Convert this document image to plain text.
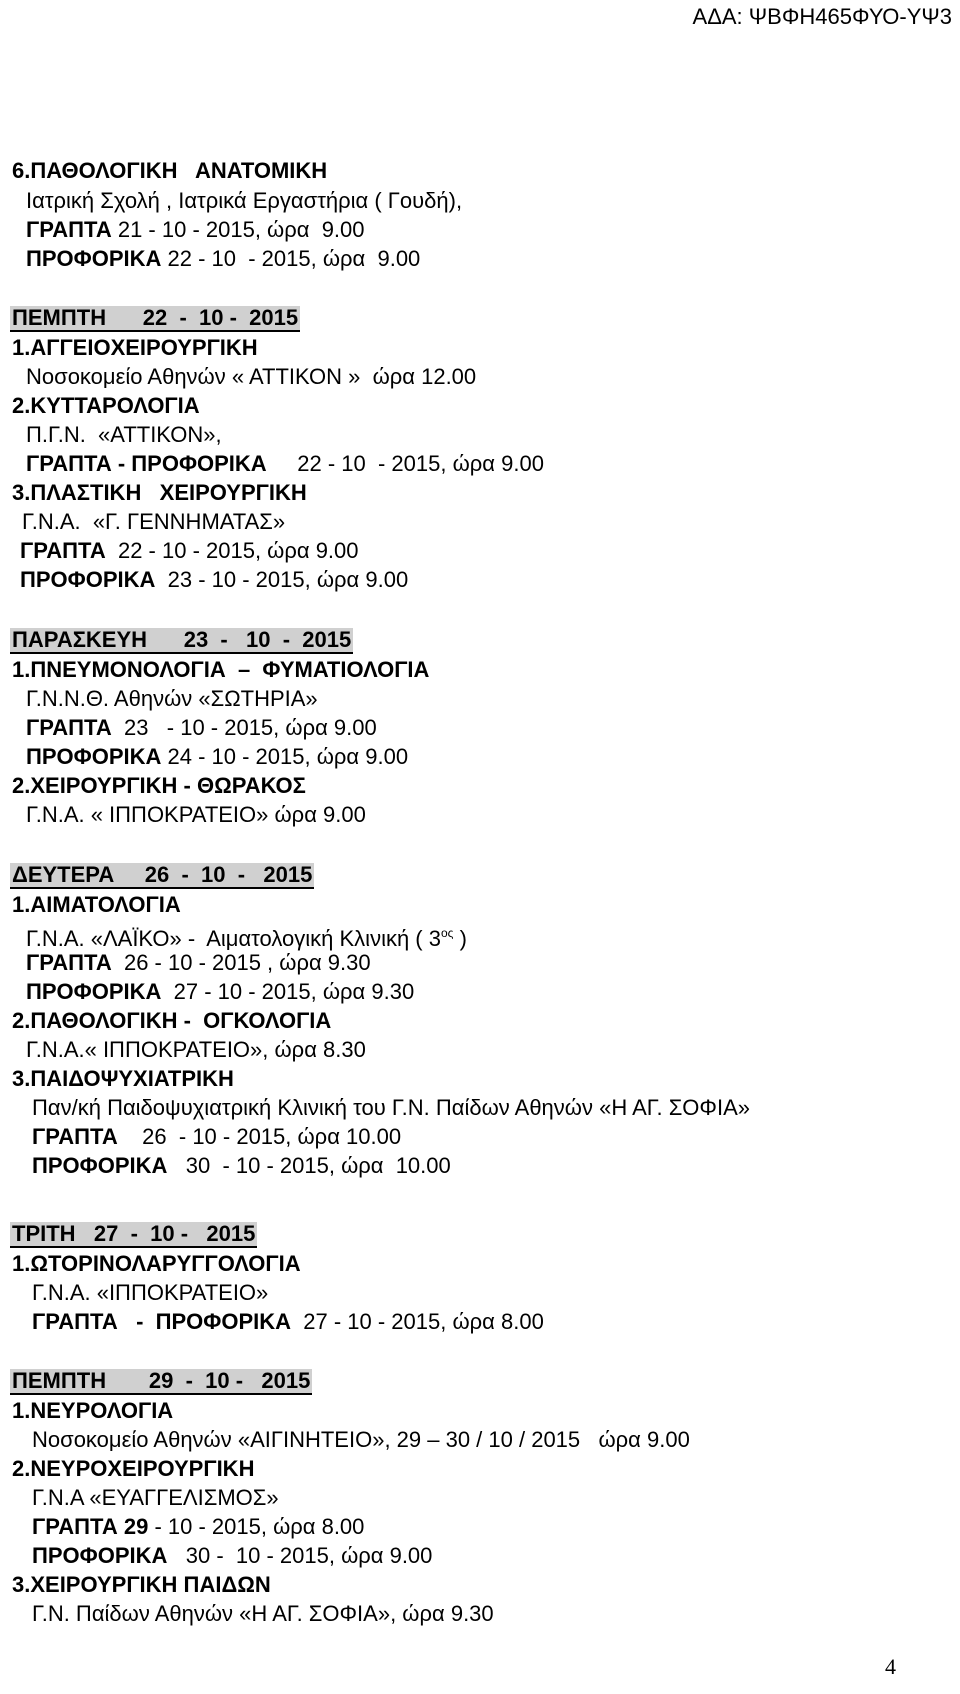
ΑΔΑ: ΨΒΦΗ465ΦΥΟ-ΥΨ3
6.ΠΑΘΟΛΟΓΙΚΗ   ΑΝΑΤΟΜΙΚΗ
Ιατρική Σχολή , Ιατρικά Εργαστήρια ( Γουδή),
ΓΡΑΠΤΑ 21 - 10 - 2015, ώρα  9.00
ΠΡΟΦΟΡΙΚΑ 22 - 10  - 2015, ώρα  9.00
ΠΕΜΠΤΗ      22  -  10 -  2015
1.ΑΓΓΕΙΟΧΕΙΡΟΥΡΓΙΚΗ
Νοσοκομείο Αθηνών « ΑΤΤΙΚΟΝ »  ώρα 12.00
2.ΚΥΤΤΑΡΟΛΟΓΙΑ
Π.Γ.Ν.  «ΑΤΤΙΚΟΝ»,
ΓΡΑΠΤΑ - ΠΡΟΦΟΡΙΚΑ     22 - 10  - 2015, ώρα 9.00
3.ΠΛΑΣΤΙΚΗ   ΧΕΙΡΟΥΡΓΙΚΗ
Γ.Ν.Α.  «Γ. ΓΕΝΝΗΜΑΤΑΣ»
ΓΡΑΠΤΑ  22 - 10 - 2015, ώρα 9.00
ΠΡΟΦΟΡΙΚΑ  23 - 10 - 2015, ώρα 9.00
ΠΑΡΑΣΚΕΥΗ      23  -   10  -  2015
1.ΠΝΕΥΜΟΝΟΛΟΓΙΑ  –  ΦΥΜΑΤΙΟΛΟΓΙΑ
Γ.Ν.Ν.Θ. Αθηνών «ΣΩΤΗΡΙΑ»
ΓΡΑΠΤΑ  23   - 10 - 2015, ώρα 9.00
ΠΡΟΦΟΡΙΚΑ 24 - 10 - 2015, ώρα 9.00
2.ΧΕΙΡΟΥΡΓΙΚΗ - ΘΩΡΑΚΟΣ
Γ.Ν.Α. « ΙΠΠΟΚΡΑΤΕΙΟ» ώρα 9.00
ΔΕΥΤΕΡΑ     26  -  10  -   2015
1.ΑΙΜΑΤΟΛΟΓΙΑ
Γ.Ν.Α. «ΛΑΪΚΟ» -  Αιματολογική Κλινική ( $3^{o\varsigma}$ )
ΓΡΑΠΤΑ  26 - 10 - 2015 , ώρα 9.30
ΠΡΟΦΟΡΙΚΑ  27 - 10 - 2015, ώρα 9.30
2.ΠΑΘΟΛΟΓΙΚΗ -  ΟΓΚΟΛΟΓΙΑ
Γ.Ν.Α.« ΙΠΠΟΚΡΑΤΕΙΟ», ώρα 8.30
3.ΠΑΙΔΟΨΥΧΙΑΤΡΙΚΗ
Παν/κή Παιδοψυχιατρική Κλινική του Γ.Ν. Παίδων Αθηνών «Η ΑΓ. ΣΟΦΙΑ»
ΓΡΑΠΤΑ    26  - 10 - 2015, ώρα 10.00
ΠΡΟΦΟΡΙΚΑ   30  - 10 - 2015, ώρα  10.00
ΤΡΙΤΗ   27  -  10 -   2015
1.ΩΤΟΡΙΝΟΛΑΡΥΓΓΟΛΟΓΙΑ
Γ.Ν.Α. «ΙΠΠΟΚΡΑΤΕΙΟ»
ΓΡΑΠΤΑ   -  ΠΡΟΦΟΡΙΚΑ  27 - 10 - 2015, ώρα 8.00
ΠΕΜΠΤΗ       29  -  10 -   2015
1.ΝΕΥΡΟΛΟΓΙΑ
Νοσοκομείο Αθηνών «ΑΙΓΙΝΗΤΕΙΟ», 29 – 30 / 10 / 2015   ώρα 9.00
2.ΝΕΥΡΟΧΕΙΡΟΥΡΓΙΚΗ
Γ.Ν.Α «ΕΥΑΓΓΕΛΙΣΜΟΣ»
ΓΡΑΠΤΑ 29 - 10 - 2015, ώρα 8.00
ΠΡΟΦΟΡΙΚΑ   30 -  10 - 2015, ώρα 9.00
3.ΧΕΙΡΟΥΡΓΙΚΗ ΠΑΙΔΩΝ
Γ.Ν. Παίδων Αθηνών «Η ΑΓ. ΣΟΦΙΑ», ώρα 9.30
4
